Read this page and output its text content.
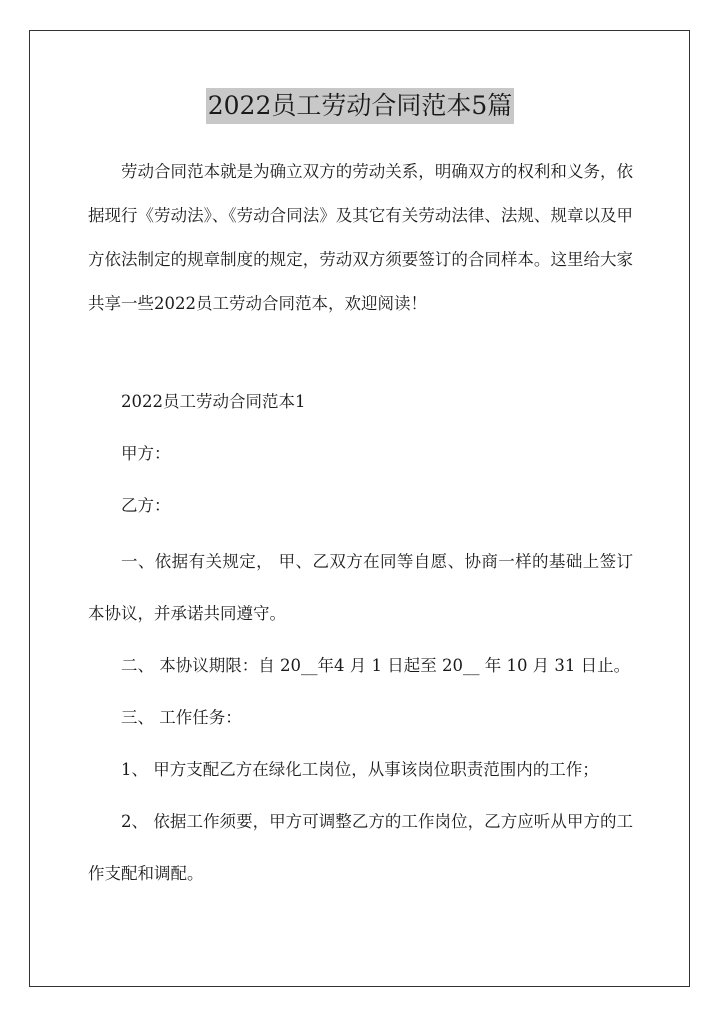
2022员工劳动合同范本5篇

劳动合同范本就是为确立双方的劳动关系，明确双方的权利和义务，依据现行《劳动法》、《劳动合同法》及其它有关劳动法律、法规、规章以及甲方依法制定的规章制度的规定，劳动双方须要签订的合同样本。这里给大家共享一些2022员工劳动合同范本，欢迎阅读！

2022员工劳动合同范本1

甲方：

乙方：

一、依据有关规定， 甲、乙双方在同等自愿、协商一样的基础上签订本协议，并承诺共同遵守。

二、 本协议期限：自 20__年4 月 1 日起至 20__ 年 10 月 31 日止。

三、 工作任务：

1、 甲方支配乙方在绿化工岗位，从事该岗位职责范围内的工作；

2、 依据工作须要，甲方可调整乙方的工作岗位，乙方应听从甲方的工作支配和调配。
